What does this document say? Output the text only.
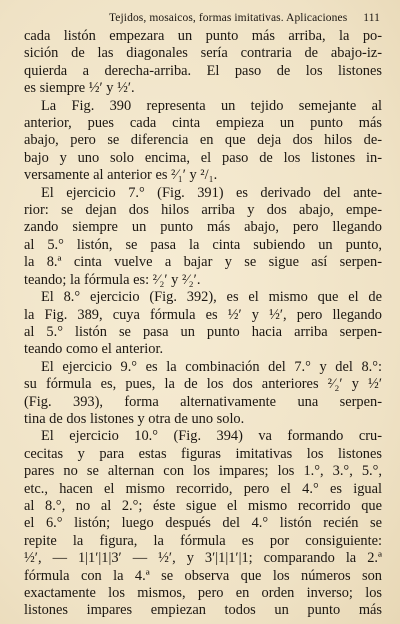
Tejidos, mosaicos, formas imitativas. Aplicaciones 111
cada listón empezara un punto más arriba, la po-
sición de las diagonales sería contraria de abajo-iz-
quierda a derecha-arriba. El paso de los listones
es siempre ½′ y ½′.
La Fig. 390 representa un tejido semejante al
anterior, pues cada cinta empieza un punto más
abajo, pero se diferencia en que deja dos hilos de-
bajo y uno solo encima, el paso de los listones in-
versamente al anterior es ²⁄₁′ y ²/₁.
El ejercicio 7.° (Fig. 391) es derivado del ante-
rior: se dejan dos hilos arriba y dos abajo, empe-
zando siempre un punto más abajo, pero llegando
al 5.° listón, se pasa la cinta subiendo un punto,
la 8.ª cinta vuelve a bajar y se sigue así serpen-
teando; la fórmula es: ²⁄₂′ y ²⁄₂′.
El 8.° ejercicio (Fig. 392), es el mismo que el de
la Fig. 389, cuya fórmula es ½′ y ½′, pero llegando
al 5.° listón se pasa un punto hacia arriba serpen-
teando como el anterior.
El ejercicio 9.° es la combinación del 7.° y del 8.°:
su fórmula es, pues, la de los dos anteriores ²⁄₂′ y ½′
(Fig. 393), forma alternativamente una serpen-
tina de dos listones y otra de uno solo.
El ejercicio 10.° (Fig. 394) va formando cru-
cecitas y para estas figuras imitativas los listones
pares no se alternan con los impares; los 1.°, 3.°, 5.°,
etc., hacen el mismo recorrido, pero el 4.° es igual
al 8.°, no al 2.°; éste sigue el mismo recorrido que
el 6.° listón; luego después del 4.° listón recién se
repite la figura, la fórmula es por consiguiente:
½′, — 1|1′|1|3′ — ½′, y 3′|1|1′|1; comparando la 2.ª
fórmula con la 4.ª se observa que los números son
exactamente los mismos, pero en orden inverso; los
listones impares empiezan todos un punto más
